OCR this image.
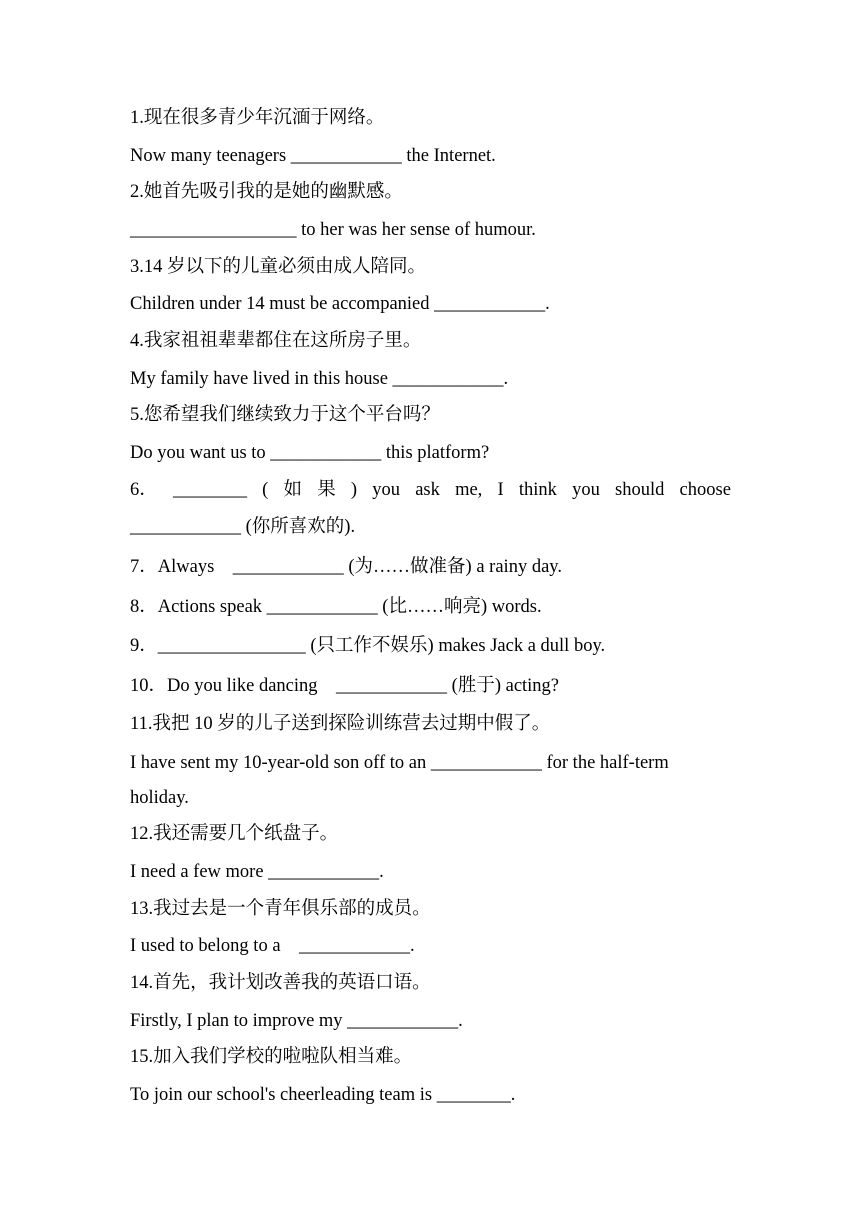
1.现在很多青少年沉湎于网络。
Now many teenagers ____________ the Internet.
2.她首先吸引我的是她的幽默感。
__________________ to her was her sense of humour.
3.14 岁以下的儿童必须由成人陪同。
Children under 14 must be accompanied ____________.
4.我家祖祖辈辈都住在这所房子里。
My family have lived in this house ____________.
5.您希望我们继续致力于这个平台吗？
Do you want us to ____________ this platform?
6． ________ ( 如 果 ) you ask me, I think you should choose
____________ (你所喜欢的).
7．Always　____________ (为……做准备) a rainy day.
8．Actions speak ____________ (比……响亮) words.
9．________________ (只工作不娱乐) makes Jack a dull boy.
10．Do you like dancing　____________ (胜于) acting?
11.我把 10 岁的儿子送到探险训练营去过期中假了。
I have sent my 10-year-old son off to an ____________ for the half-term
holiday.
12.我还需要几个纸盘子。
I need a few more ____________.
13.我过去是一个青年俱乐部的成员。
I used to belong to a　____________.
14.首先，我计划改善我的英语口语。
Firstly, I plan to improve my ____________.
15.加入我们学校的啦啦队相当难。
To join our school's cheerleading team is ________.
